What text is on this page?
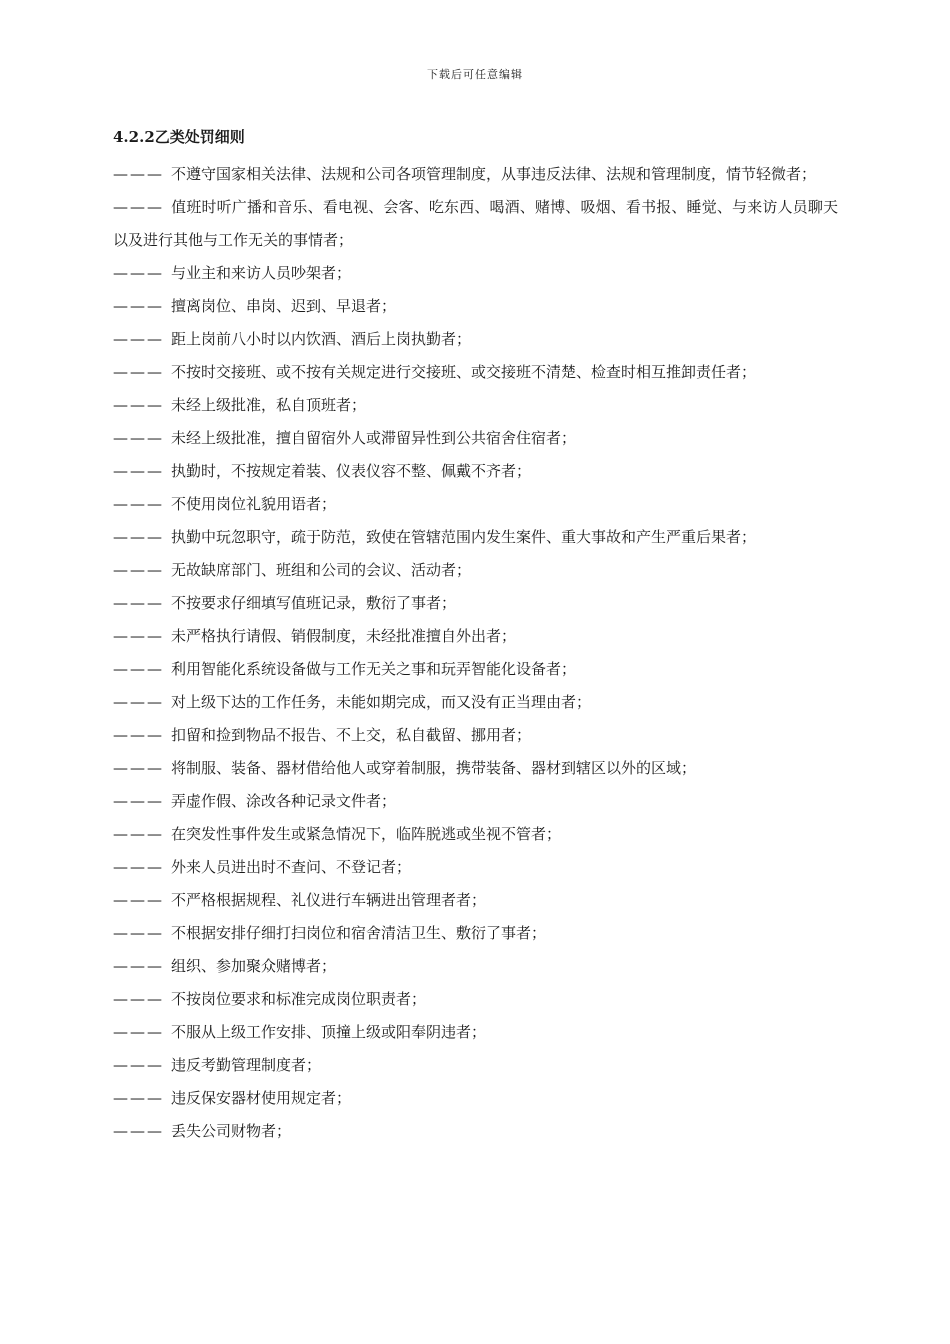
下载后可任意编辑

4.2.2乙类处罚细则

——— 不遵守国家相关法律、法规和公司各项管理制度，从事违反法律、法规和管理制度，情节轻微者；

——— 值班时听广播和音乐、看电视、会客、吃东西、喝酒、赌博、吸烟、看书报、睡觉、与来访人员聊天以及进行其他与工作无关的事情者；

——— 与业主和来访人员吵架者；

——— 擅离岗位、串岗、迟到、早退者；

——— 距上岗前八小时以内饮酒、酒后上岗执勤者；

——— 不按时交接班、或不按有关规定进行交接班、或交接班不清楚、检查时相互推卸责任者；

——— 未经上级批准，私自顶班者；

——— 未经上级批准，擅自留宿外人或滞留异性到公共宿舍住宿者；

——— 执勤时，不按规定着装、仪表仪容不整、佩戴不齐者；

——— 不使用岗位礼貌用语者；

——— 执勤中玩忽职守，疏于防范，致使在管辖范围内发生案件、重大事故和产生严重后果者；

——— 无故缺席部门、班组和公司的会议、活动者；

——— 不按要求仔细填写值班记录，敷衍了事者；

——— 未严格执行请假、销假制度，未经批准擅自外出者；

——— 利用智能化系统设备做与工作无关之事和玩弄智能化设备者；

——— 对上级下达的工作任务，未能如期完成，而又没有正当理由者；

——— 扣留和捡到物品不报告、不上交，私自截留、挪用者；

——— 将制服、装备、器材借给他人或穿着制服，携带装备、器材到辖区以外的区域；

——— 弄虚作假、涂改各种记录文件者；

——— 在突发性事件发生或紧急情况下，临阵脱逃或坐视不管者；

——— 外来人员进出时不查问、不登记者；

——— 不严格根据规程、礼仪进行车辆进出管理者者；

——— 不根据安排仔细打扫岗位和宿舍清洁卫生、敷衍了事者；

——— 组织、参加聚众赌博者；

——— 不按岗位要求和标准完成岗位职责者；

——— 不服从上级工作安排、顶撞上级或阳奉阴违者；

——— 违反考勤管理制度者；

——— 违反保安器材使用规定者；

——— 丢失公司财物者；
